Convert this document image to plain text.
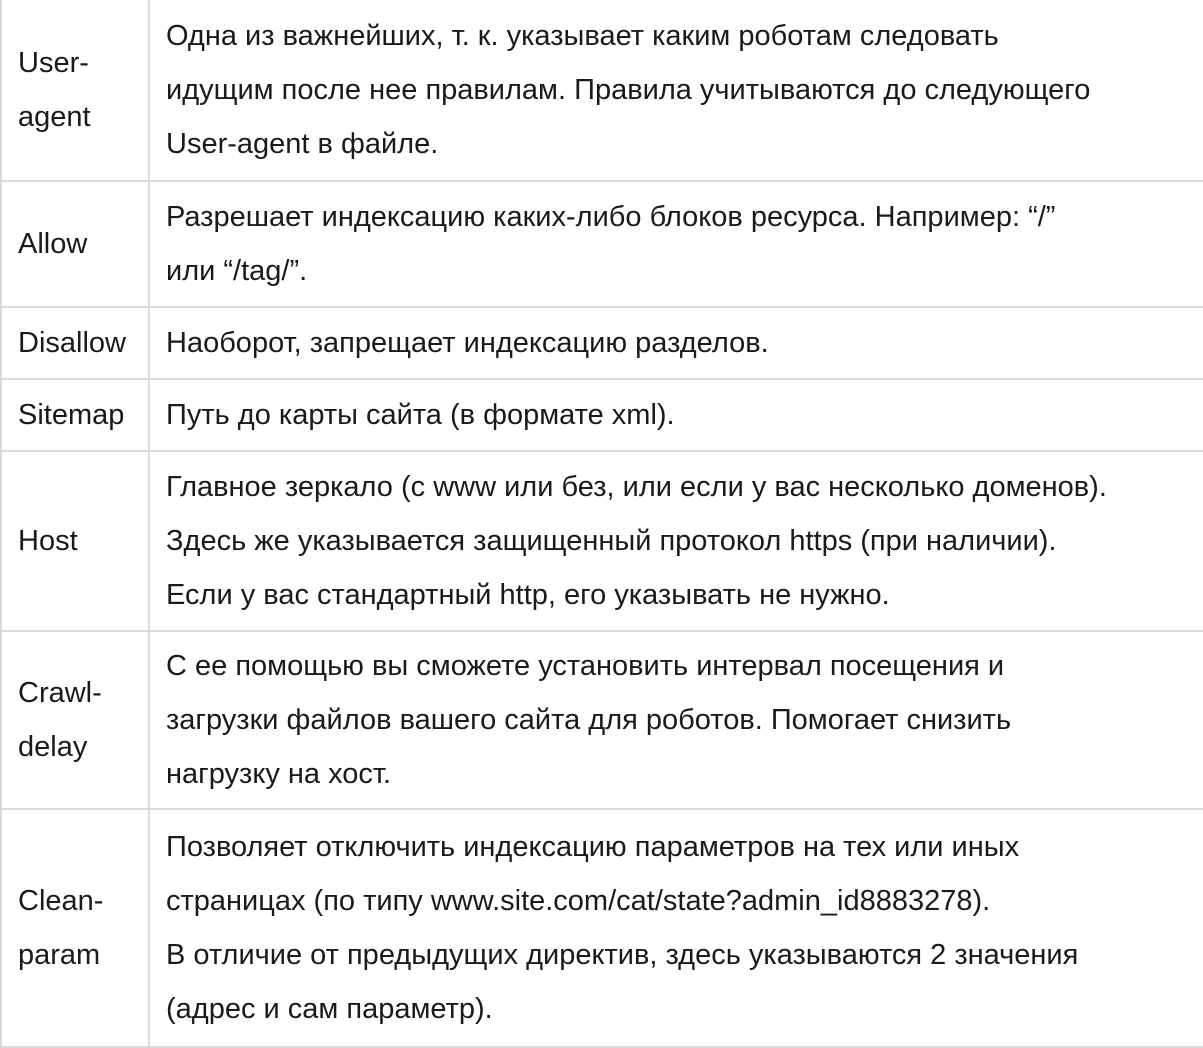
User-
agent	Одна из важнейших, т. к. указывает каким роботам следовать
идущим после нее правилам. Правила учитываются до следующего
User-agent в файле.

Allow	Разрешает индексацию каких-либо блоков ресурса. Например: “/”
или “/tag/”.

Disallow	Наоборот, запрещает индексацию разделов.

Sitemap	Путь до карты сайта (в формате xml).

Host	Главное зеркало (с www или без, или если у вас несколько доменов).
Здесь же указывается защищенный протокол https (при наличии).
Если у вас стандартный http, его указывать не нужно.

Crawl-
delay	С ее помощью вы сможете установить интервал посещения и
загрузки файлов вашего сайта для роботов. Помогает снизить
нагрузку на хост.

Clean-
param	Позволяет отключить индексацию параметров на тех или иных
страницах (по типу www.site.com/cat/state?admin_id8883278).
В отличие от предыдущих директив, здесь указываются 2 значения
(адрес и сам параметр).
